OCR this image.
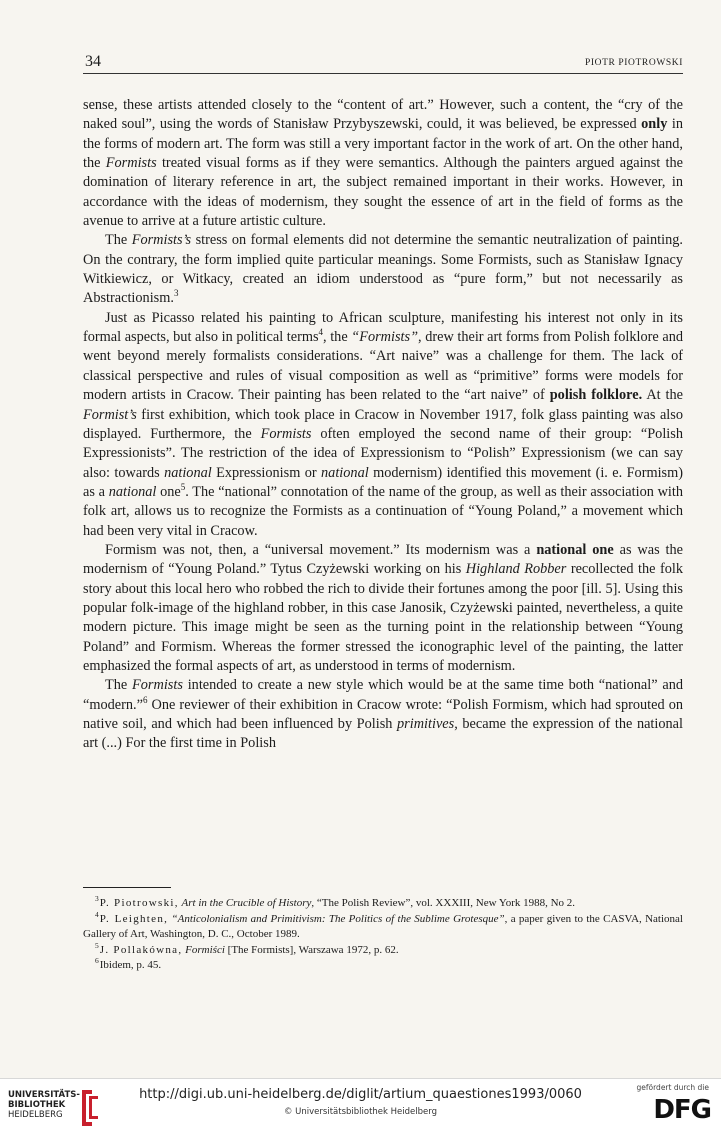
34	PIOTR PIOTROWSKI

sense, these artists attended closely to the “content of art.” However, such a content, the “cry of the naked soul”, using the words of Stanisław Przybyszewski, could, it was believed, be expressed only in the forms of modern art. The form was still a very important factor in the work of art. On the other hand, the Formists treated visual forms as if they were semantics. Although the painters argued against the domination of literary reference in art, the subject remained important in their works. However, in accordance with the ideas of modernism, they sought the essence of art in the field of forms as the avenue to arrive at a future artistic culture.

The Formists’s stress on formal elements did not determine the semantic neutralization of painting. On the contrary, the form implied quite particular meanings. Some Formists, such as Stanisław Ignacy Witkiewicz, or Witkacy, created an idiom understood as “pure form,” but not necessarily as Abstractionism.$^3$

Just as Picasso related his painting to African sculpture, manifesting his interest not only in its formal aspects, but also in political terms$^4$, the “Formists”, drew their art forms from Polish folklore and went beyond merely formalists considerations. “Art naive” was a challenge for them. The lack of classical perspective and rules of visual composition as well as “primitive” forms were models for modern artists in Cracow. Their painting has been related to the “art naive” of polish folklore. At the Formist’s first exhibition, which took place in Cracow in November 1917, folk glass painting was also displayed. Furthermore, the Formists often employed the second name of their group: “Polish Expressionists”. The restriction of the idea of Expressionism to “Polish” Expressionism (we can say also: towards national Expressionism or national modernism) identified this movement (i. e. Formism) as a national one$^5$. The “national” connotation of the name of the group, as well as their association with folk art, allows us to recognize the Formists as a continuation of “Young Poland,” a movement which had been very vital in Cracow.

Formism was not, then, a “universal movement.” Its modernism was a national one as was the modernism of “Young Poland.” Tytus Czyżewski working on his Highland Robber recollected the folk story about this local hero who robbed the rich to divide their fortunes among the poor [ill. 5]. Using this popular folk-image of the highland robber, in this case Janosik, Czyżewski painted, nevertheless, a quite modern picture. This image might be seen as the turning point in the relationship between “Young Poland” and Formism. Whereas the former stressed the iconographic level of the painting, the latter emphasized the formal aspects of art, as understood in terms of modernism.

The Formists intended to create a new style which would be at the same time both “national” and “modern.”$^6$ One reviewer of their exhibition in Cracow wrote: “Polish Formism, which had sprouted on native soil, and which had been influenced by Polish primitives, became the expression of the national art (...) For the first time in Polish

$^3$P. Piotrowski, Art in the Crucible of History, “The Polish Review”, vol. XXXIII, New York 1988, No 2.

$^4$P. Leighten, “Anticolonialism and Primitivism: The Politics of the Sublime Grotesque”, a paper given to the CASVA, National Gallery of Art, Washington, D. C., October 1989.

$^5$J. Pollakówna, Formiści [The Formists], Warszawa 1972, p. 62.

$^6$Ibidem, p. 45.

UNIVERSITÄTS-
BIBLIOTHEK
HEIDELBERG
http://digi.ub.uni-heidelberg.de/diglit/artium_quaestiones1993/0060
© Universitätsbibliothek Heidelberg
gefördert durch die
DFG
